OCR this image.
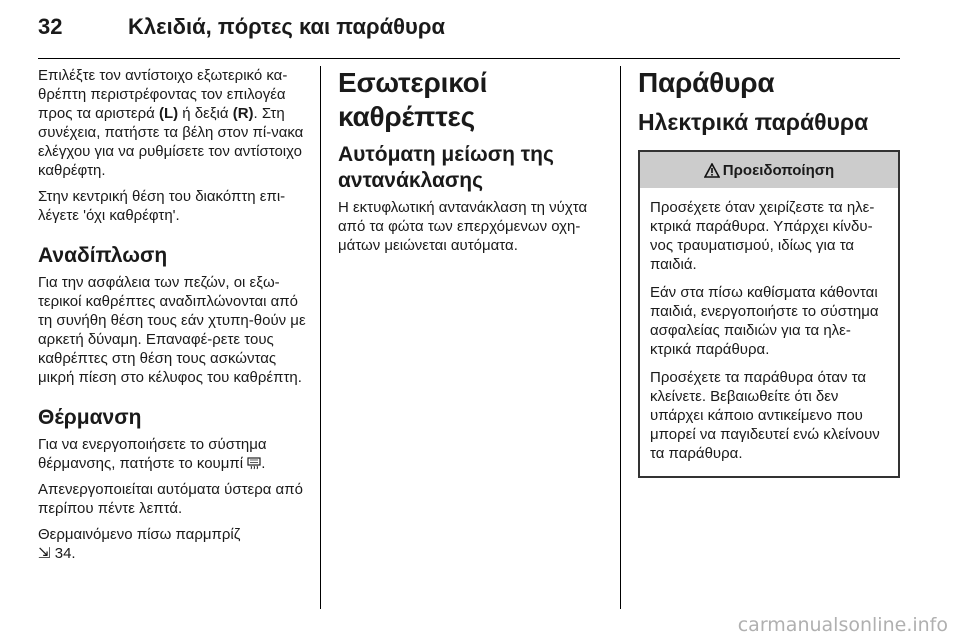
32	Κλειδιά, πόρτες και παράθυρα

Επιλέξτε τον αντίστοιχο εξωτερικό κα-θρέπτη περιστρέφοντας τον επιλογέα προς τα αριστερά (L) ή δεξιά (R). Στη συνέχεια, πατήστε τα βέλη στον πί-νακα ελέγχου για να ρυθμίσετε τον αντίστοιχο καθρέφτη.

Στην κεντρική θέση του διακόπτη επι-λέγετε 'όχι καθρέφτη'.

Αναδίπλωση

Για την ασφάλεια των πεζών, οι εξω-τερικοί καθρέπτες αναδιπλώνονται από τη συνήθη θέση τους εάν χτυπη-θούν με αρκετή δύναμη. Επαναφέ-ρετε τους καθρέπτες στη θέση τους ασκώντας μικρή πίεση στο κέλυφος του καθρέπτη.

Θέρμανση

Για να ενεργοποιήσετε το σύστημα θέρμανσης, πατήστε το κουμπί .

Απενεργοποιείται αυτόματα ύστερα από περίπου πέντε λεπτά.

Θερμαινόμενο πίσω παρμπρίζ
⇲ 34.

Εσωτερικοί καθρέπτες
Αυτόματη μείωση της αντανάκλασης

Η εκτυφλωτική αντανάκλαση τη νύχτα από τα φώτα των επερχόμενων οχη-μάτων μειώνεται αυτόματα.

Παράθυρα
Ηλεκτρικά παράθυρα
Προειδοποίηση

Προσέχετε όταν χειρίζεστε τα ηλε-κτρικά παράθυρα. Υπάρχει κίνδυ-νος τραυματισμού, ιδίως για τα παιδιά.

Εάν στα πίσω καθίσματα κάθονται παιδιά, ενεργοποιήστε το σύστημα ασφαλείας παιδιών για τα ηλε-κτρικά παράθυρα.

Προσέχετε τα παράθυρα όταν τα κλείνετε. Βεβαιωθείτε ότι δεν υπάρχει κάποιο αντικείμενο που μπορεί να παγιδευτεί ενώ κλείνουν τα παράθυρα.

carmanualsonline.info
